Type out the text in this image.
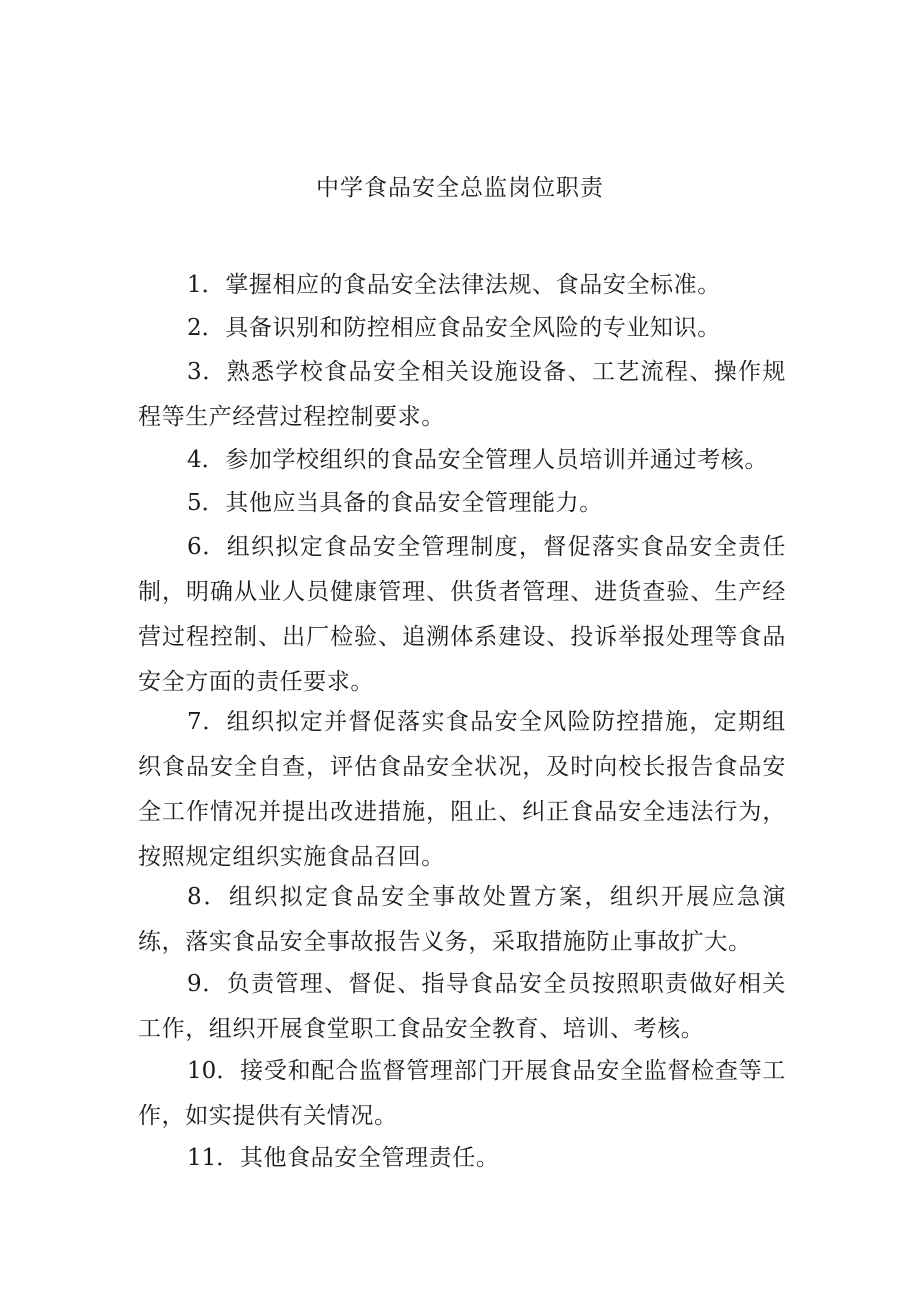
中学食品安全总监岗位职责

1．掌握相应的食品安全法律法规、食品安全标准。

2．具备识别和防控相应食品安全风险的专业知识。

3．熟悉学校食品安全相关设施设备、工艺流程、操作规程等生产经营过程控制要求。

4．参加学校组织的食品安全管理人员培训并通过考核。

5．其他应当具备的食品安全管理能力。

6．组织拟定食品安全管理制度，督促落实食品安全责任制，明确从业人员健康管理、供货者管理、进货查验、生产经营过程控制、出厂检验、追溯体系建设、投诉举报处理等食品安全方面的责任要求。

7．组织拟定并督促落实食品安全风险防控措施，定期组织食品安全自查，评估食品安全状况，及时向校长报告食品安全工作情况并提出改进措施，阻止、纠正食品安全违法行为，按照规定组织实施食品召回。

8．组织拟定食品安全事故处置方案，组织开展应急演练，落实食品安全事故报告义务，采取措施防止事故扩大。

9．负责管理、督促、指导食品安全员按照职责做好相关工作，组织开展食堂职工食品安全教育、培训、考核。

10．接受和配合监督管理部门开展食品安全监督检查等工作，如实提供有关情况。

11．其他食品安全管理责任。
